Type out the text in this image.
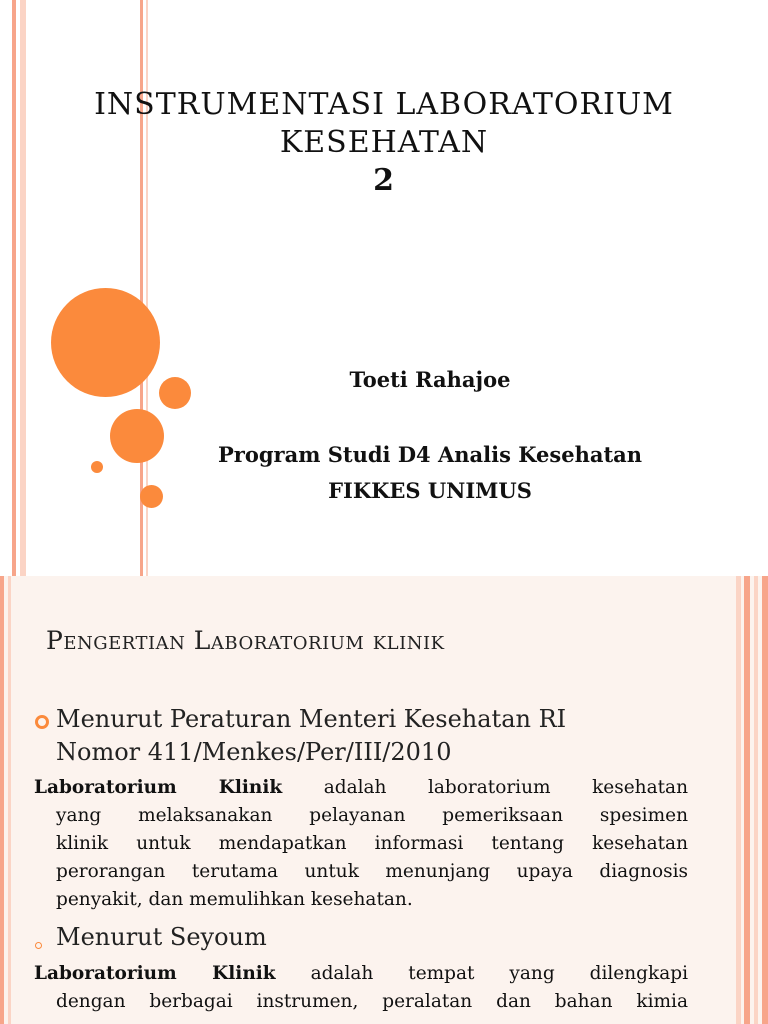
INSTRUMENTASI LABORATORIUM
KESEHATAN
2
Toeti Rahajoe
Program Studi D4 Analis Kesehatan
FIKKES UNIMUS
Pengertian Laboratorium klinik
Menurut Peraturan Menteri Kesehatan RI
Nomor 411/Menkes/Per/III/2010
Laboratorium Klinik adalah laboratorium kesehatan
yang melaksanakan pelayanan pemeriksaan spesimen
klinik untuk mendapatkan informasi tentang kesehatan
perorangan terutama untuk menunjang upaya diagnosis
penyakit, dan memulihkan kesehatan.
Menurut Seyoum
Laboratorium Klinik adalah tempat yang dilengkapi
dengan berbagai instrumen, peralatan dan bahan kimia
